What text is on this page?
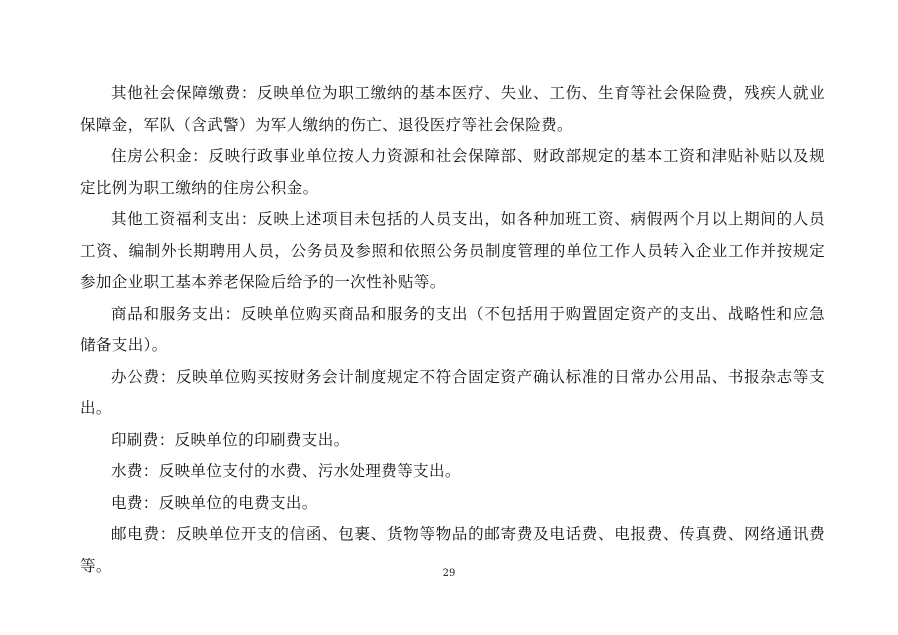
其他社会保障缴费：反映单位为职工缴纳的基本医疗、失业、工伤、生育等社会保险费，残疾人就业保障金，军队（含武警）为军人缴纳的伤亡、退役医疗等社会保险费。

住房公积金：反映行政事业单位按人力资源和社会保障部、财政部规定的基本工资和津贴补贴以及规定比例为职工缴纳的住房公积金。

其他工资福利支出：反映上述项目未包括的人员支出，如各种加班工资、病假两个月以上期间的人员工资、编制外长期聘用人员，公务员及参照和依照公务员制度管理的单位工作人员转入企业工作并按规定参加企业职工基本养老保险后给予的一次性补贴等。

商品和服务支出：反映单位购买商品和服务的支出（不包括用于购置固定资产的支出、战略性和应急储备支出）。

办公费：反映单位购买按财务会计制度规定不符合固定资产确认标准的日常办公用品、书报杂志等支出。

印刷费：反映单位的印刷费支出。

水费：反映单位支付的水费、污水处理费等支出。

电费：反映单位的电费支出。

邮电费：反映单位开支的信函、包裹、货物等物品的邮寄费及电话费、电报费、传真费、网络通讯费等。	29
